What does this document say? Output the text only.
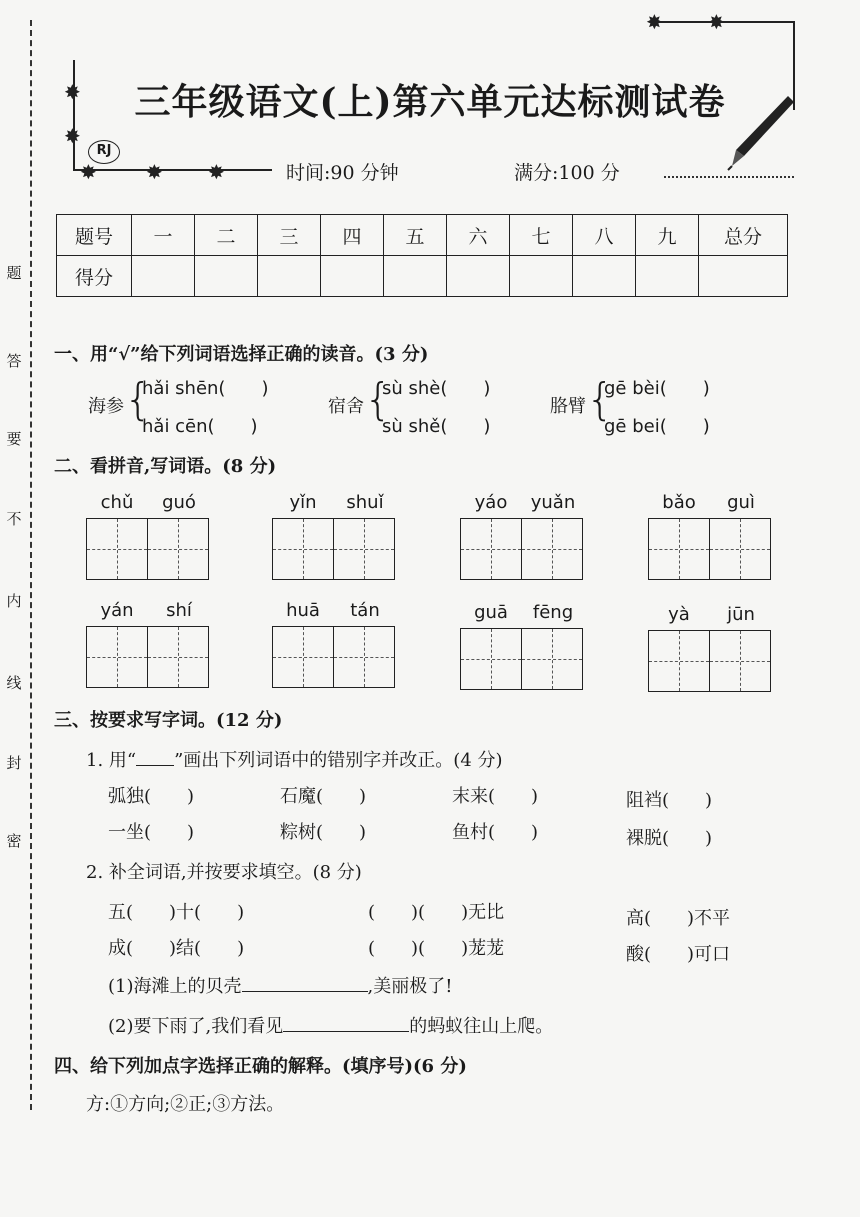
题
答
要
不
内
线
封
密
✸
✸
✸ ✸ ✸
✸ ✸
三年级语文(上)第六单元达标测试卷
RJ
时间:90 分钟	满分:100 分
题号	一	二	三	四	五	六	七	八	九	总分
得分										
一、用“√”给下列词语选择正确的读音。(3 分)
海参 {
hǎi shēn(　　)
hǎi cēn(　　)
宿舍 {
sù shè(　　)
sù shě(　　)
胳臂 {
gē bèi(　　)
gē bei(　　)
二、看拼音,写词语。(8 分)
chǔ	guó	yǐn	shuǐ	yáo	yuǎn	bǎo	guì
yán	shí	huā	tán	guā	fēng	yà	jūn
三、按要求写字词。(12 分)
1. 用“ ”画出下列词语中的错别字并改正。(4 分)
弧独(　　)	石魔(　　)	末来(　　)	阻裆(　　)
一坐(　　)	粽树(　　)	鱼村(　　)	裸脱(　　)
2. 补全词语,并按要求填空。(8 分)
五(　　)十(　　)	(　　)(　　)无比	高(　　)不平
成(　　)结(　　)	(　　)(　　)茏茏	酸(　　)可口
(1)海滩上的贝壳	,美丽极了!
(2)要下雨了,我们看见	的蚂蚁往山上爬。
四、给下列加点字选择正确的解释。(填序号)(6 分)
方:①方向;②正;③方法。
